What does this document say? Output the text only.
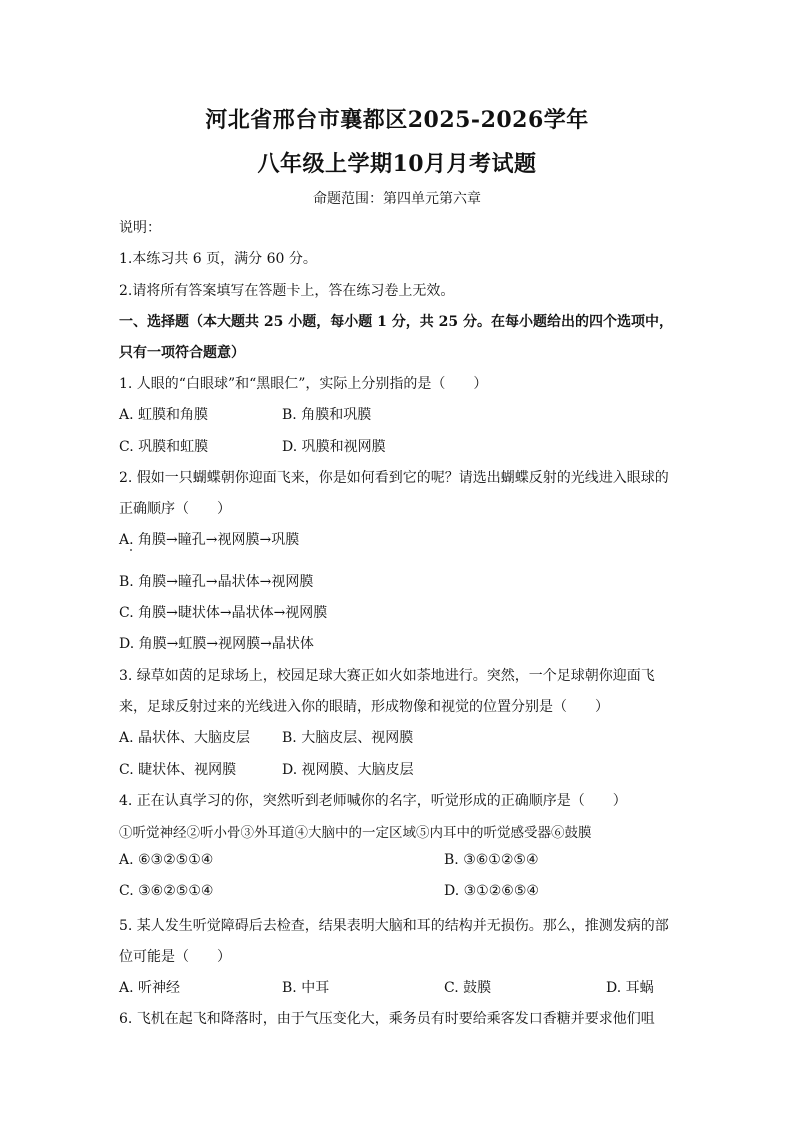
河北省邢台市襄都区2025-2026学年
八年级上学期10月月考试题
命题范围：第四单元第六章
说明：
1.本练习共 6 页，满分 60 分。
2.请将所有答案填写在答题卡上，答在练习卷上无效。
一、选择题（本大题共 25 小题，每小题 1 分，共 25 分。在每小题给出的四个选项中，
只有一项符合题意）
1. 人眼的“白眼球”和“黑眼仁”，实际上分别指的是（　　）
A. 虹膜和角膜	B. 角膜和巩膜
C. 巩膜和虹膜	D. 巩膜和视网膜
2. 假如一只蝴蝶朝你迎面飞来，你是如何看到它的呢？请选出蝴蝶反射的光线进入眼球的
正确顺序（　　）
A. 角膜→瞳孔→视网膜→巩膜
B. 角膜→瞳孔→晶状体→视网膜
C. 角膜→睫状体→晶状体→视网膜
D. 角膜→虹膜→视网膜→晶状体
3. 绿草如茵的足球场上，校园足球大赛正如火如荼地进行。突然，一个足球朝你迎面飞
来，足球反射过来的光线进入你的眼睛，形成物像和视觉的位置分别是（　　）
A. 晶状体、大脑皮层 B. 大脑皮层、视网膜
C. 睫状体、视网膜	D. 视网膜、大脑皮层
4. 正在认真学习的你，突然听到老师喊你的名字，听觉形成的正确顺序是（　　）
①听觉神经②听小骨③外耳道④大脑中的一定区域⑤内耳中的听觉感受器⑥鼓膜
A. ⑥③②⑤①④	B. ③⑥①②⑤④
C. ③⑥②⑤①④	D. ③①②⑥⑤④
5. 某人发生听觉障碍后去检查，结果表明大脑和耳的结构并无损伤。那么，推测发病的部
位可能是（　　）
A. 听神经	B. 中耳	C. 鼓膜	D. 耳蜗
6. 飞机在起飞和降落时，由于气压变化大，乘务员有时要给乘客发口香糖并要求他们咀
